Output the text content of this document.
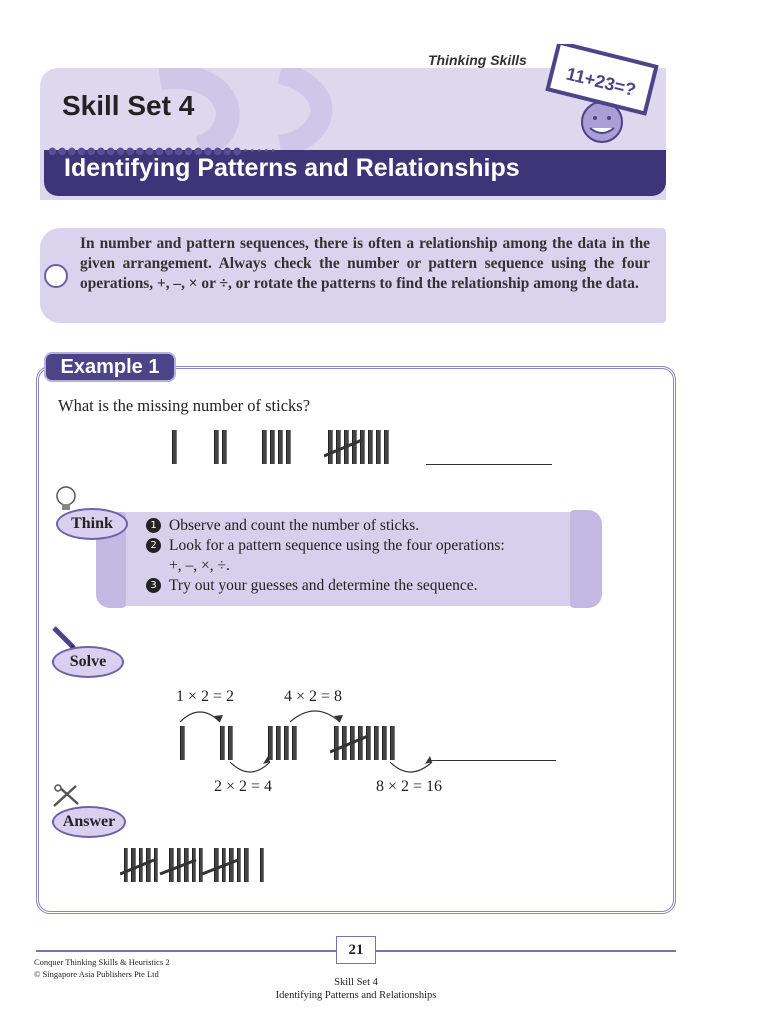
Thinking Skills
11+23=?
Skill Set 4
●●●●●●●●●●●●●●●●●●●●•••••
Identifying Patterns and Relationships
In number and pattern sequences, there is often a relationship among the data in the given arrangement. Always check the number or pattern sequence using the four operations, +, –, × or ÷, or rotate the patterns to find the relationship among the data.
Example 1
What is the missing number of sticks?
Think	1 Observe and count the number of sticks.
2 Look for a pattern sequence using the four operations:
+, –, ×, ÷.
3 Try out your guesses and determine the sequence.
Solve
1 × 2 = 2	4 × 2 = 8
2 × 2 = 4	8 × 2 = 16
Answer
21
Conquer Thinking Skills & Heuristics 2
© Singapore Asia Publishers Pte Ltd
Skill Set 4
Identifying Patterns and Relationships
